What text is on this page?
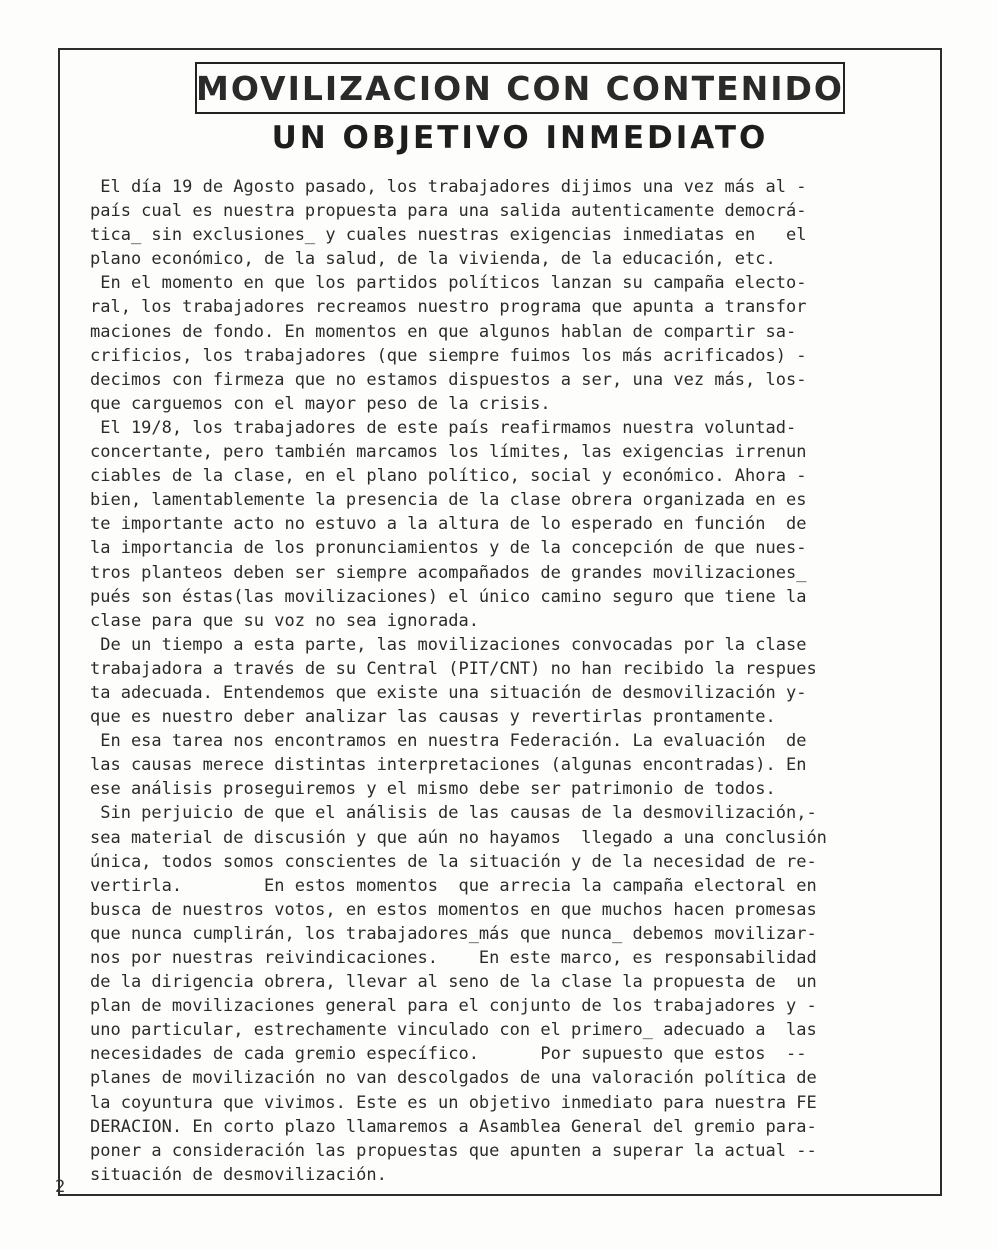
MOVILIZACION CON CONTENIDO
UN OBJETIVO INMEDIATO
El día 19 de Agosto pasado, los trabajadores dijimos una vez más al -
país cual es nuestra propuesta para una salida autenticamente democrá-
tica_ sin exclusiones_ y cuales nuestras exigencias inmediatas en   el
plano económico, de la salud, de la vivienda, de la educación, etc.
En el momento en que los partidos políticos lanzan su campaña electo-
ral, los trabajadores recreamos nuestro programa que apunta a transfor
maciones de fondo. En momentos en que algunos hablan de compartir sa-
crificios, los trabajadores (que siempre fuimos los más acrificados) -
decimos con firmeza que no estamos dispuestos a ser, una vez más, los-
que carguemos con el mayor peso de la crisis.
El 19/8, los trabajadores de este país reafirmamos nuestra voluntad-
concertante, pero también marcamos los límites, las exigencias irrenun
ciables de la clase, en el plano político, social y económico. Ahora -
bien, lamentablemente la presencia de la clase obrera organizada en es
te importante acto no estuvo a la altura de lo esperado en función  de
la importancia de los pronunciamientos y de la concepción de que nues-
tros planteos deben ser siempre acompañados de grandes movilizaciones_
pués son éstas(las movilizaciones) el único camino seguro que tiene la
clase para que su voz no sea ignorada.
De un tiempo a esta parte, las movilizaciones convocadas por la clase
trabajadora a través de su Central (PIT/CNT) no han recibido la respues
ta adecuada. Entendemos que existe una situación de desmovilización y-
que es nuestro deber analizar las causas y revertirlas prontamente.
En esa tarea nos encontramos en nuestra Federación. La evaluación  de
las causas merece distintas interpretaciones (algunas encontradas). En
ese análisis proseguiremos y el mismo debe ser patrimonio de todos.
Sin perjuicio de que el análisis de las causas de la desmovilización,-
sea material de discusión y que aún no hayamos  llegado a una conclusión
única, todos somos conscientes de la situación y de la necesidad de re-
vertirla.        En estos momentos  que arrecia la campaña electoral en
busca de nuestros votos, en estos momentos en que muchos hacen promesas
que nunca cumplirán, los trabajadores_más que nunca_ debemos movilizar-
nos por nuestras reivindicaciones.    En este marco, es responsabilidad
de la dirigencia obrera, llevar al seno de la clase la propuesta de  un
plan de movilizaciones general para el conjunto de los trabajadores y -
uno particular, estrechamente vinculado con el primero_ adecuado a  las
necesidades de cada gremio específico.      Por supuesto que estos  --
planes de movilización no van descolgados de una valoración política de
la coyuntura que vivimos. Este es un objetivo inmediato para nuestra FE
DERACION. En corto plazo llamaremos a Asamblea General del gremio para-
poner a consideración las propuestas que apunten a superar la actual --
situación de desmovilización.
2
